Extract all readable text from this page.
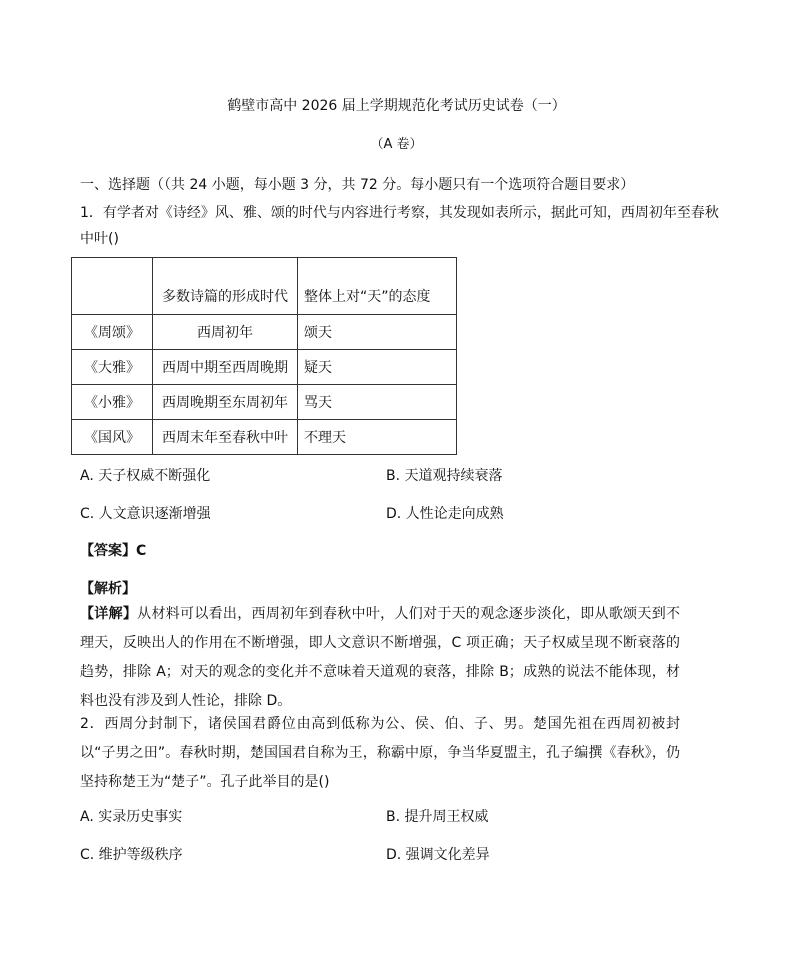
鹤壁市高中 2026 届上学期规范化考试历史试卷（一）
（A 卷）
一、选择题（（共 24 小题，每小题 3 分，共 72 分。每小题只有一个选项符合题目要求）
1．有学者对《诗经》风、雅、颂的时代与内容进行考察，其发现如表所示，据此可知，西周初年至春秋中叶()
	多数诗篇的形成时代	整体上对“天”的态度
《周颂》	西周初年	颂天
《大雅》	西周中期至西周晚期	疑天
《小雅》	西周晚期至东周初年	骂天
《国风》	西周末年至春秋中叶	不理天
A. 天子权威不断强化	B. 天道观持续衰落
C. 人文意识逐渐增强	D. 人性论走向成熟
【答案】C
【解析】
【详解】从材料可以看出，西周初年到春秋中叶，人们对于天的观念逐步淡化，即从歌颂天到不理天，反映出人的作用在不断增强，即人文意识不断增强，C 项正确；天子权威呈现不断衰落的趋势，排除 A；对天的观念的变化并不意味着天道观的衰落，排除 B；成熟的说法不能体现，材料也没有涉及到人性论，排除 D。
2．西周分封制下，诸侯国君爵位由高到低称为公、侯、伯、子、男。楚国先祖在西周初被封以“子男之田”。春秋时期，楚国国君自称为王，称霸中原，争当华夏盟主，孔子编撰《春秋》，仍坚持称楚王为“楚子”。孔子此举目的是()
A. 实录历史事实	B. 提升周王权威
C. 维护等级秩序	D. 强调文化差异
